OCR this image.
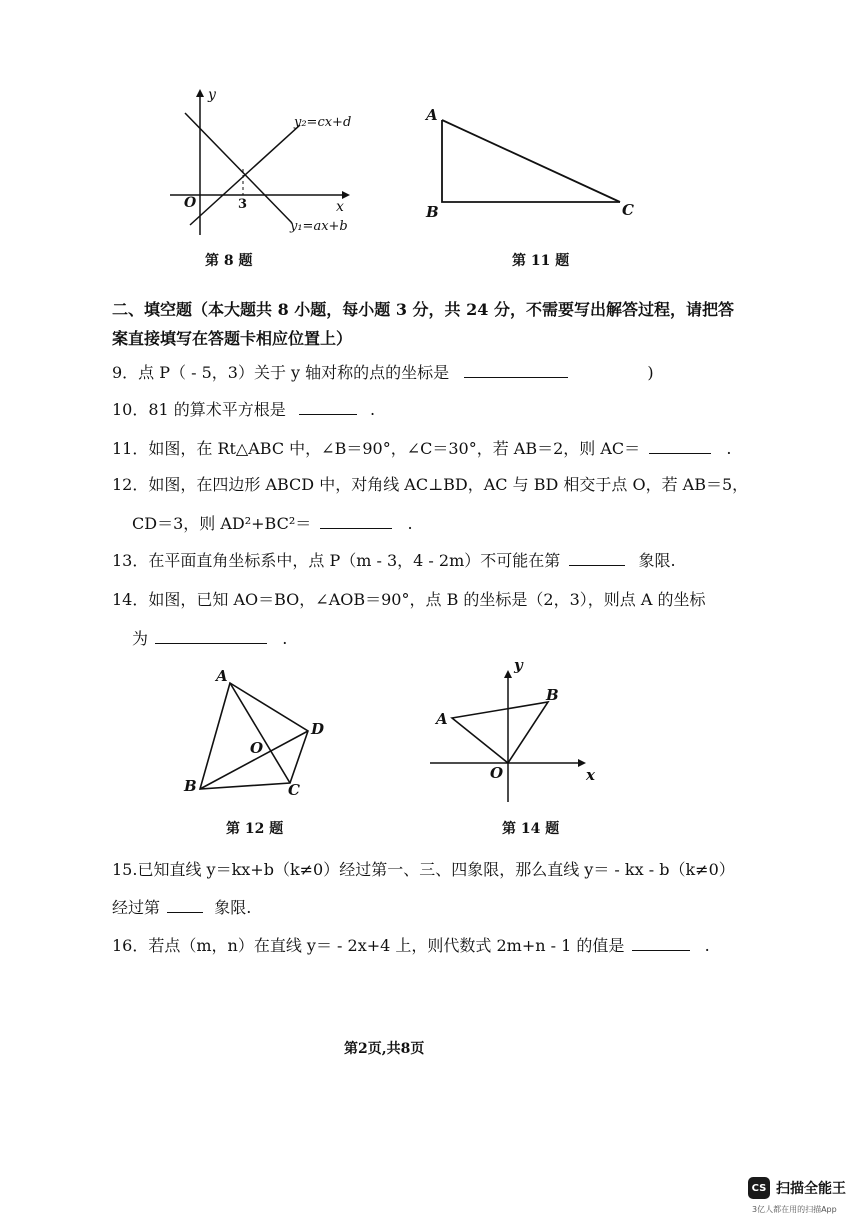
y
x
O	3
y₂=cx+d
y₁=ax+b
第 8 题
A
B	C
第 11 题
二、填空题（本大题共 8 小题，每小题 3 分，共 24 分，不需要写出解答过程，请把答
案直接填写在答题卡相应位置上）
9．点 P（ - 5，3）关于 y 轴对称的点的坐标是	)
10．81 的算术平方根是	.
11．如图，在 Rt△ABC 中，∠B＝90°，∠C＝30°，若 AB＝2，则 AC＝	.
12．如图，在四边形 ABCD 中，对角线 AC⊥BD，AC 与 BD 相交于点 O，若 AB＝5，
CD＝3，则 AD²+BC²＝	.
13．在平面直角坐标系中，点 P（m - 3，4 - 2m）不可能在第	象限.
14．如图，已知 AO＝BO，∠AOB＝90°，点 B 的坐标是（2，3），则点 A 的坐标
为	.
A
B	C
D
O
第 12 题
y
x
O
A
B
第 14 题
15.已知直线 y＝kx+b（k≠0）经过第一、三、四象限，那么直线 y＝ - kx - b（k≠0）
经过第	象限.
16．若点（m，n）在直线 y＝ - 2x+4 上，则代数式 2m+n - 1 的值是	.
第2页,共8页
CS 扫描全能王
3亿人都在用的扫描App
